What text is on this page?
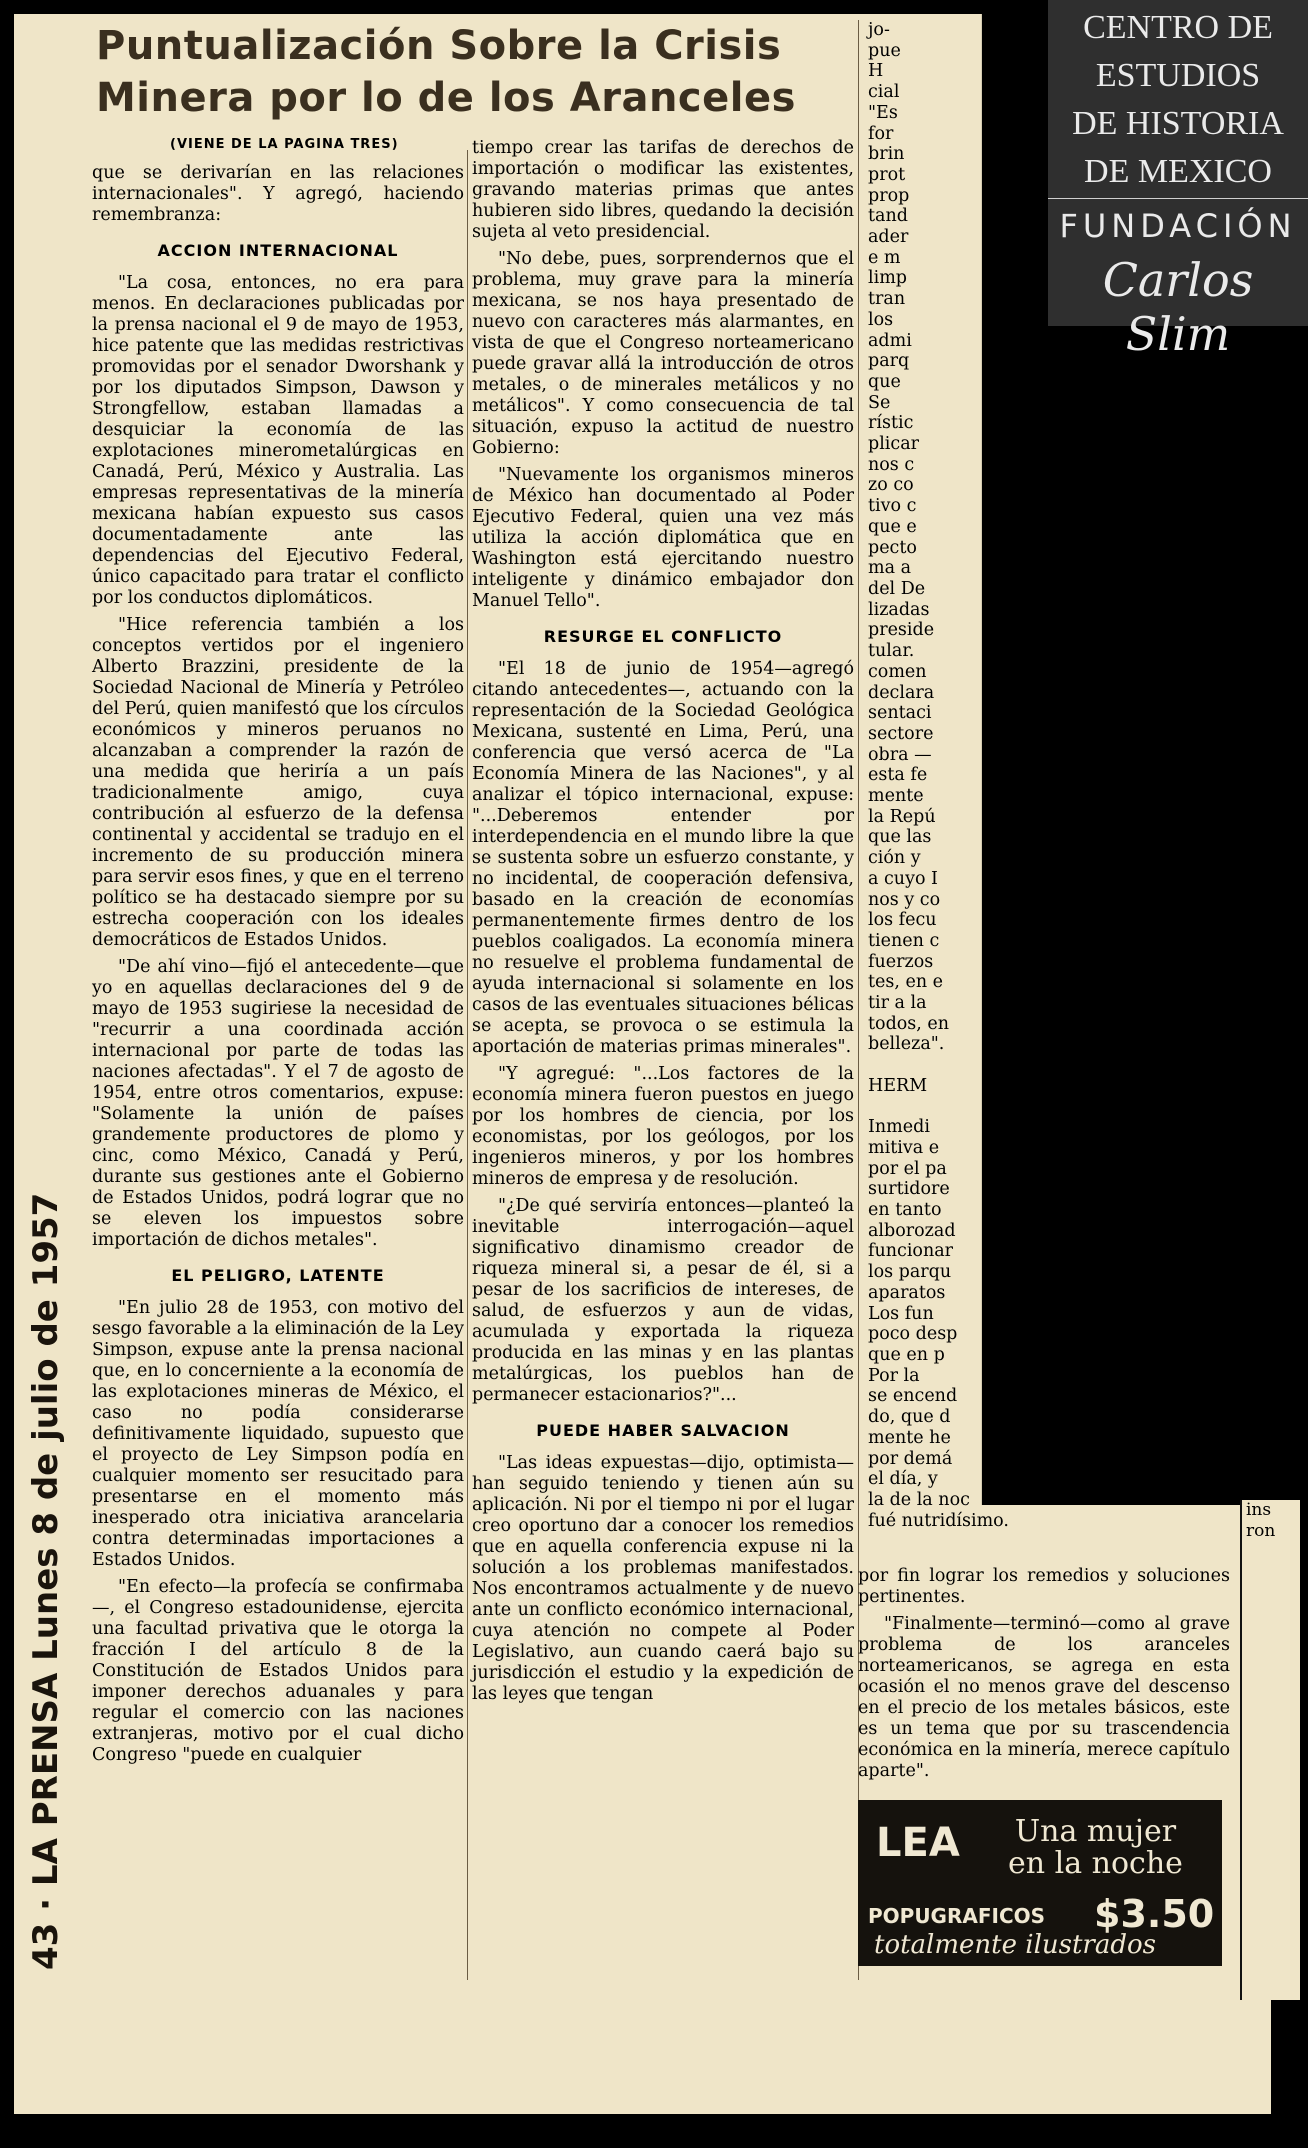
Puntualización Sobre la Crisis
Minera por lo de los Aranceles
(VIENE DE LA PAGINA TRES)
43 · LA PRENSA Lunes 8 de julio de 1957

que se derivarían en las relaciones internacionales". Y agregó, haciendo remembranza:

ACCION INTERNACIONAL

"La cosa, entonces, no era para menos. En declaraciones publicadas por la prensa nacional el 9 de mayo de 1953, hice patente que las medidas restrictivas promovidas por el senador Dworshank y por los diputados Simpson, Dawson y Strongfellow, estaban llamadas a desquiciar la economía de las explotaciones minerometalúrgicas en Canadá, Perú, México y Australia. Las empresas representativas de la minería mexicana habían expuesto sus casos documentadamente ante las dependencias del Ejecutivo Federal, único capacitado para tratar el conflicto por los conductos diplomáticos.

"Hice referencia también a los conceptos vertidos por el ingeniero Alberto Brazzini, presidente de la Sociedad Nacional de Minería y Petróleo del Perú, quien manifestó que los círculos económicos y mineros peruanos no alcanzaban a comprender la razón de una medida que heriría a un país tradicionalmente amigo, cuya contribución al esfuerzo de la defensa continental y accidental se tradujo en el incremento de su producción minera para servir esos fines, y que en el terreno político se ha destacado siempre por su estrecha cooperación con los ideales democráticos de Estados Unidos.

"De ahí vino—fijó el antecedente—que yo en aquellas declaraciones del 9 de mayo de 1953 sugiriese la necesidad de "recurrir a una coordinada acción internacional por parte de todas las naciones afectadas". Y el 7 de agosto de 1954, entre otros comentarios, expuse: "Solamente la unión de países grandemente productores de plomo y cinc, como México, Canadá y Perú, durante sus gestiones ante el Gobierno de Estados Unidos, podrá lograr que no se eleven los impuestos sobre importación de dichos metales".

EL PELIGRO, LATENTE

"En julio 28 de 1953, con motivo del sesgo favorable a la eliminación de la Ley Simpson, expuse ante la prensa nacional que, en lo concerniente a la economía de las explotaciones mineras de México, el caso no podía considerarse definitivamente liquidado, supuesto que el proyecto de Ley Simpson podía en cualquier momento ser resucitado para presentarse en el momento más inesperado otra iniciativa arancelaria contra determinadas importaciones a Estados Unidos.

"En efecto—la profecía se confirmaba—, el Congreso estadounidense, ejercita una facultad privativa que le otorga la fracción I del artículo 8 de la Constitución de Estados Unidos para imponer derechos aduanales y para regular el comercio con las naciones extranjeras, motivo por el cual dicho Congreso "puede en cualquier

tiempo crear las tarifas de derechos de importación o modificar las existentes, gravando materias primas que antes hubieren sido libres, quedando la decisión sujeta al veto presidencial.

"No debe, pues, sorprendernos que el problema, muy grave para la minería mexicana, se nos haya presentado de nuevo con caracteres más alarmantes, en vista de que el Congreso norteamericano puede gravar allá la introducción de otros metales, o de minerales metálicos y no metálicos". Y como consecuencia de tal situación, expuso la actitud de nuestro Gobierno:

"Nuevamente los organismos mineros de México han documentado al Poder Ejecutivo Federal, quien una vez más utiliza la acción diplomática que en Washington está ejercitando nuestro inteligente y dinámico embajador don Manuel Tello".

RESURGE EL CONFLICTO

"El 18 de junio de 1954—agregó citando antecedentes—, actuando con la representación de la Sociedad Geológica Mexicana, sustenté en Lima, Perú, una conferencia que versó acerca de "La Economía Minera de las Naciones", y al analizar el tópico internacional, expuse: "...Deberemos entender por interdependencia en el mundo libre la que se sustenta sobre un esfuerzo constante, y no incidental, de cooperación defensiva, basado en la creación de economías permanentemente firmes dentro de los pueblos coaligados. La economía minera no resuelve el problema fundamental de ayuda internacional si solamente en los casos de las eventuales situaciones bélicas se acepta, se provoca o se estimula la aportación de materias primas minerales".

"Y agregué: "...Los factores de la economía minera fueron puestos en juego por los hombres de ciencia, por los economistas, por los geólogos, por los ingenieros mineros, y por los hombres mineros de empresa y de resolución.

"¿De qué serviría entonces—planteó la inevitable interrogación—aquel significativo dinamismo creador de riqueza mineral si, a pesar de él, si a pesar de los sacrificios de intereses, de salud, de esfuerzos y aun de vidas, acumulada y exportada la riqueza producida en las minas y en las plantas metalúrgicas, los pueblos han de permanecer estacionarios?"...

PUEDE HABER SALVACION

"Las ideas expuestas—dijo, optimista—han seguido teniendo y tienen aún su aplicación. Ni por el tiempo ni por el lugar creo oportuno dar a conocer los remedios que en aquella conferencia expuse ni la solución a los problemas manifestados. Nos encontramos actualmente y de nuevo ante un conflicto económico internacional, cuya atención no compete al Poder Legislativo, aun cuando caerá bajo su jurisdicción el estudio y la expedición de las leyes que tengan

jo-
pue
H
cial
"Es
for
brin
prot
prop
tand
ader
e m
limp
tran
los
admi
parq
que
Se
rístic
plicar
nos c
zo co
tivo c
que e
pecto
ma a
del De
lizadas
preside
tular.
comen
declara
sentaci
sectore
obra —
esta fe
mente
la Repú
que las
ción y
a cuyo I
nos y co
los fecu
tienen c
fuerzos
tes, en e
tir a la
todos, en
belleza".

HERM

Inmedi
mitiva e
por el pa
surtidore
en tanto
alborozad
funcionar
los parqu
aparatos
Los fun
poco desp
que en p
Por la
se encend
do, que d
mente he
por demá
el día, y
la de la noc
fué nutridísimo.

por fin lograr los remedios y soluciones pertinentes.

"Finalmente—terminó—como al grave problema de los aranceles norteamericanos, se agrega en esta ocasión el no menos grave del descenso en el precio de los metales básicos, este es un tema que por su trascendencia económica en la minería, merece capítulo aparte".

LEA Una mujer
en la noche
POPUGRAFICOS $3.50
totalmente ilustrados
ins
ron
CENTRO DE
ESTUDIOS
DE HISTORIA
DE MEXICO
FUNDACIÓN
Carlos Slim
